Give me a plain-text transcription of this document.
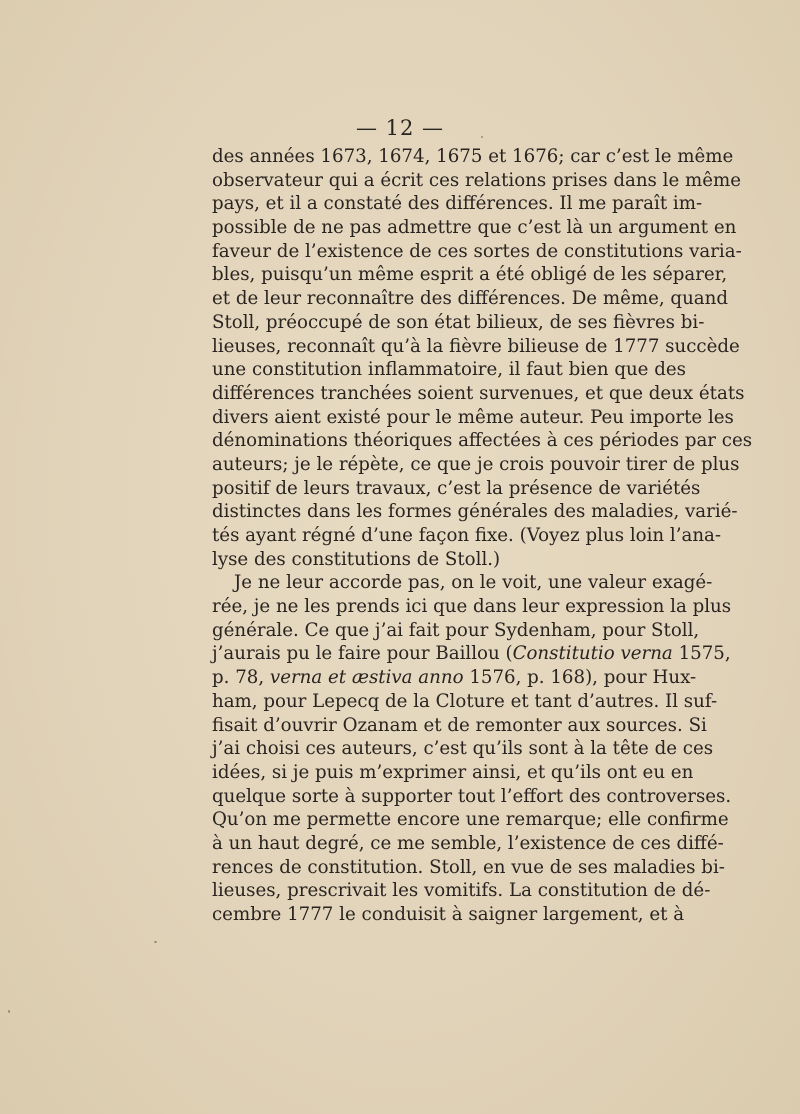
— 12 —
des années 1673, 1674, 1675 et 1676; car c’est le même
observateur qui a écrit ces relations prises dans le même
pays, et il a constaté des différences. Il me paraît im-
possible de ne pas admettre que c’est là un argument en
faveur de l’existence de ces sortes de constitutions varia-
bles, puisqu’un même esprit a été obligé de les séparer,
et de leur reconnaître des différences. De même, quand
Stoll, préoccupé de son état bilieux, de ses fièvres bi-
lieuses, reconnaît qu’à la fièvre bilieuse de 1777 succède
une constitution inflammatoire, il faut bien que des
différences tranchées soient survenues, et que deux états
divers aient existé pour le même auteur. Peu importe les
dénominations théoriques affectées à ces périodes par ces
auteurs; je le répète, ce que je crois pouvoir tirer de plus
positif de leurs travaux, c’est la présence de variétés
distinctes dans les formes générales des maladies, varié-
tés ayant régné d’une façon fixe. (Voyez plus loin l’ana-
lyse des constitutions de Stoll.)
Je ne leur accorde pas, on le voit, une valeur exagé-
rée, je ne les prends ici que dans leur expression la plus
générale. Ce que j’ai fait pour Sydenham, pour Stoll,
j’aurais pu le faire pour Baillou (Constitutio verna 1575,
p. 78, verna et æstiva anno 1576, p. 168), pour Hux-
ham, pour Lepecq de la Cloture et tant d’autres. Il suf-
fisait d’ouvrir Ozanam et de remonter aux sources. Si
j’ai choisi ces auteurs, c’est qu’ils sont à la tête de ces
idées, si je puis m’exprimer ainsi, et qu’ils ont eu en
quelque sorte à supporter tout l’effort des controverses.
Qu’on me permette encore une remarque; elle confirme
à un haut degré, ce me semble, l’existence de ces diffé-
rences de constitution. Stoll, en vue de ses maladies bi-
lieuses, prescrivait les vomitifs. La constitution de dé-
cembre 1777 le conduisit à saigner largement, et à
